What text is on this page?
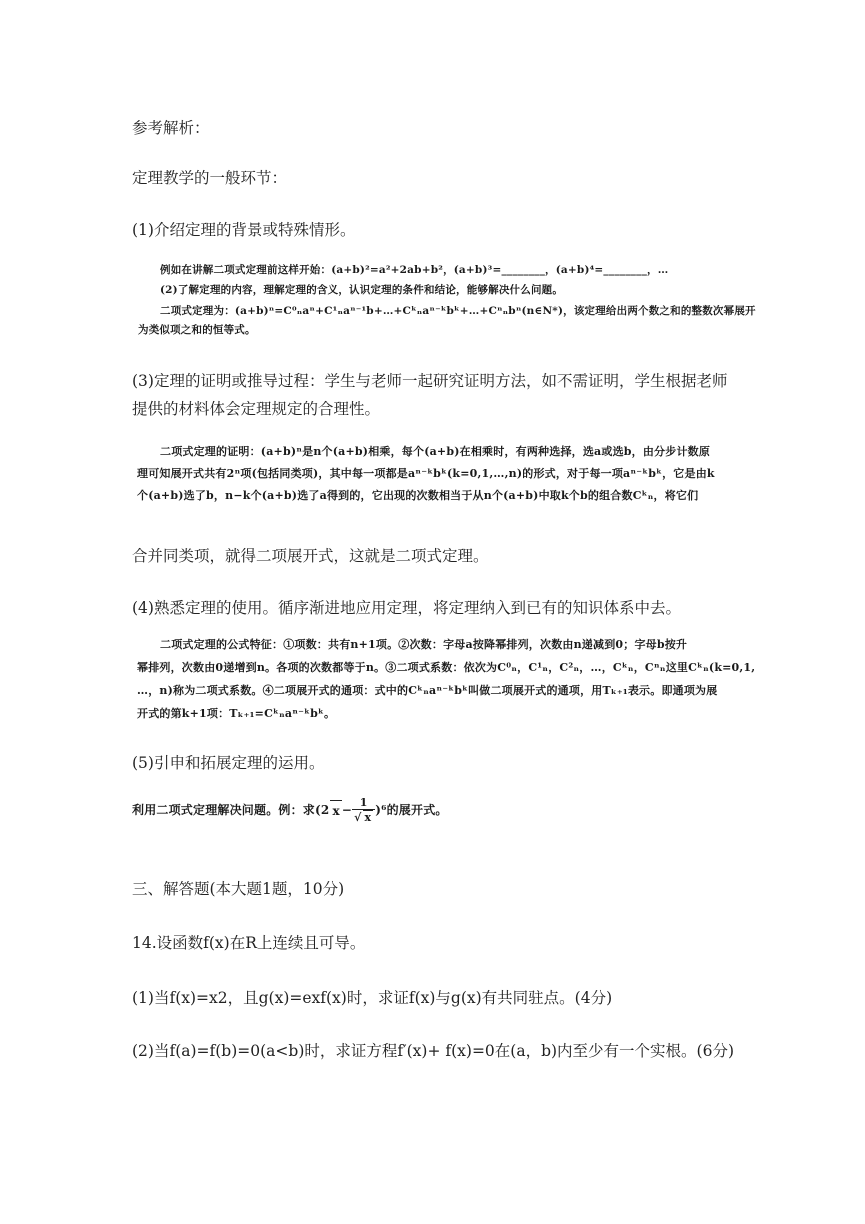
参考解析：
定理教学的一般环节：
(1)介绍定理的背景或特殊情形。
例如在讲解二项式定理前这样开始：(a+b)²=a²+2ab+b²，(a+b)³=________，(a+b)⁴=________，…
(2)了解定理的内容，理解定理的含义，认识定理的条件和结论，能够解决什么问题。
二项式定理为：(a+b)ⁿ=C⁰ₙaⁿ+C¹ₙaⁿ⁻¹b+…+Cᵏₙaⁿ⁻ᵏbᵏ+…+Cⁿₙbⁿ(n∈N*)，该定理给出两个数之和的整数次幂展开
为类似项之和的恒等式。
(3)定理的证明或推导过程：学生与老师一起研究证明方法，如不需证明，学生根据老师
提供的材料体会定理规定的合理性。
二项式定理的证明：(a+b)ⁿ是n个(a+b)相乘，每个(a+b)在相乘时，有两种选择，选a或选b，由分步计数原
理可知展开式共有2ⁿ项(包括同类项)，其中每一项都是aⁿ⁻ᵏbᵏ(k=0,1,…,n)的形式，对于每一项aⁿ⁻ᵏbᵏ，它是由k
个(a+b)选了b，n−k个(a+b)选了a得到的，它出现的次数相当于从n个(a+b)中取k个b的组合数Cᵏₙ，将它们
合并同类项，就得二项展开式，这就是二项式定理。
(4)熟悉定理的使用。循序渐进地应用定理，将定理纳入到已有的知识体系中去。
二项式定理的公式特征：①项数：共有n+1项。②次数：字母a按降幂排列，次数由n递减到0；字母b按升
幂排列，次数由0递增到n。各项的次数都等于n。③二项式系数：依次为C⁰ₙ，C¹ₙ，C²ₙ，…，Cᵏₙ，Cⁿₙ这里Cᵏₙ(k=0,1,
…，n)称为二项式系数。④二项展开式的通项：式中的Cᵏₙaⁿ⁻ᵏbᵏ叫做二项展开式的通项，用Tₖ₊₁表示。即通项为展
开式的第k+1项：Tₖ₊₁=Cᵏₙaⁿ⁻ᵏbᵏ。
(5)引申和拓展定理的运用。
利用二项式定理解决问题。例：求(2 $x - \frac{1}{√ x} )^6$的展开式。
三、解答题(本大题1题，10分)
14.设函数f(x)在R上连续且可导。
(1)当f(x)=x2，且g(x)=exf(x)时，求证f(x)与g(x)有共同驻点。(4分)
(2)当f(a)=f(b)=0(a<b)时，求证方程f′(x)+ f(x)=0在(a，b)内至少有一个实根。(6分)
